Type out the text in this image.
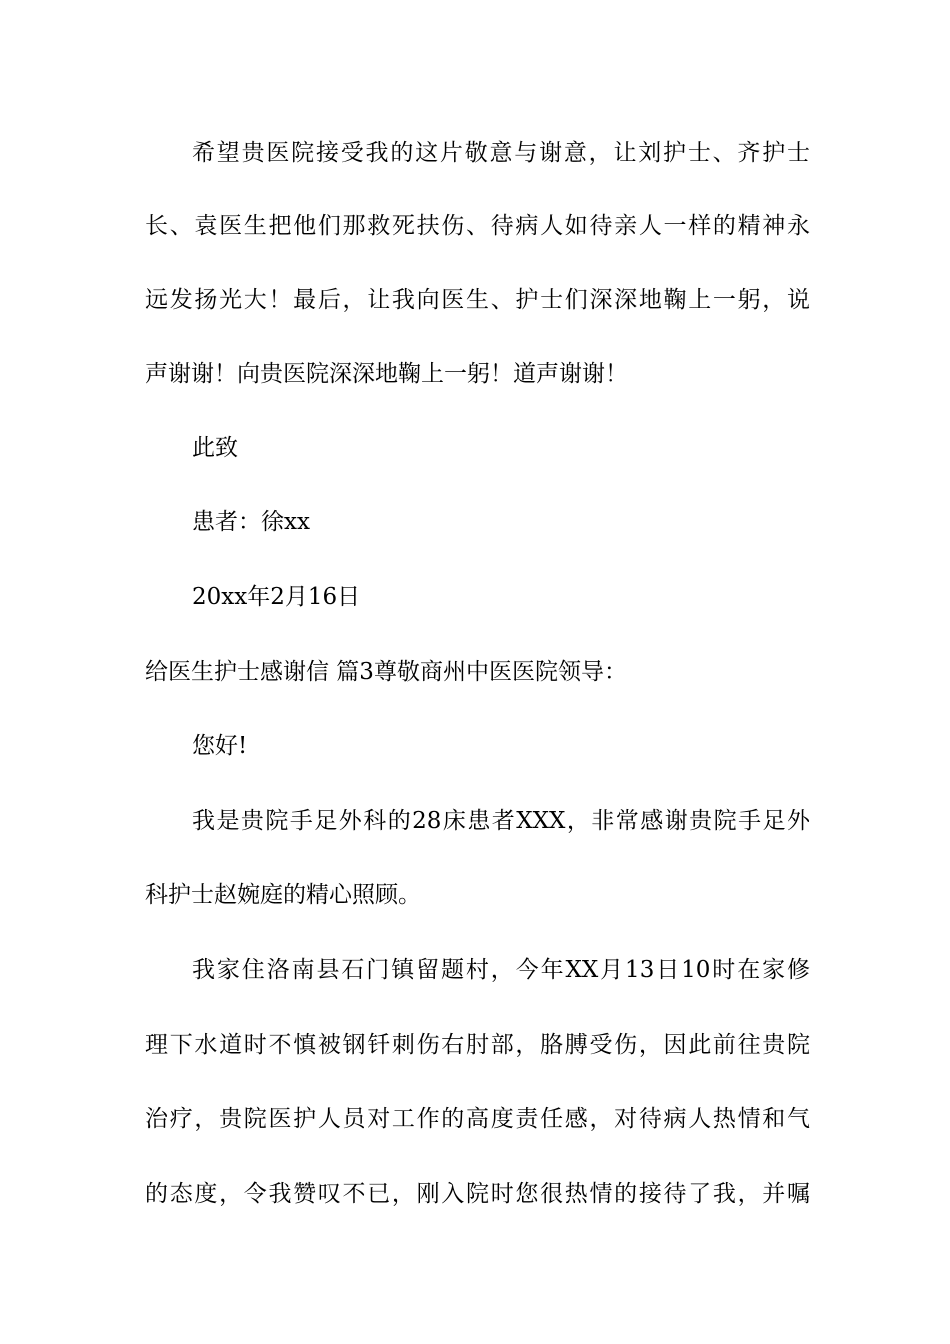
希望贵医院接受我的这片敬意与谢意，让刘护士、齐护士
长、袁医生把他们那救死扶伤、待病人如待亲人一样的精神永
远发扬光大！最后，让我向医生、护士们深深地鞠上一躬，说
声谢谢！向贵医院深深地鞠上一躬！道声谢谢！
此致
患者：徐xx
20xx年2月16日
给医生护士感谢信 篇3尊敬商州中医医院领导：
您好!
我是贵院手足外科的28床患者XXX，非常感谢贵院手足外
科护士赵婉庭的精心照顾。
我家住洛南县石门镇留题村，今年XX月13日10时在家修
理下水道时不慎被钢钎刺伤右肘部，胳膊受伤，因此前往贵院
治疗，贵院医护人员对工作的高度责任感，对待病人热情和气
的态度，令我赞叹不已，刚入院时您很热情的接待了我，并嘱
